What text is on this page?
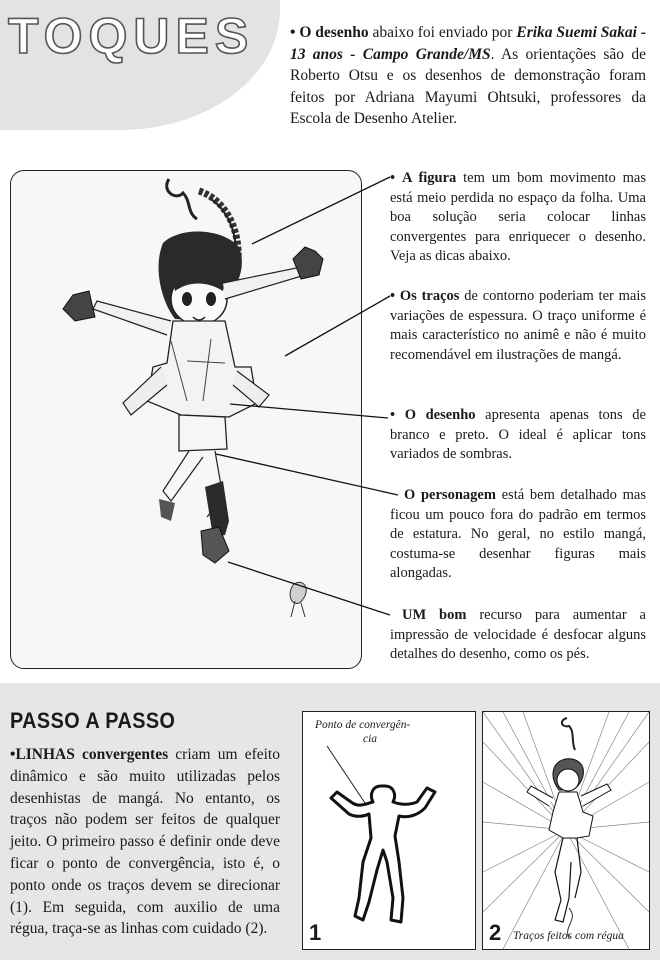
TOQUES • O desenho abaixo foi enviado por Erika Suemi Sakai - 13 anos - Campo Grande/MS. As orientações são de Roberto Otsu e os desenhos de demonstração foram feitos por Adriana Mayumi Ohtsuki, professores da Escola de Desenho Atelier.
• A figura tem um bom movimento mas está meio perdida no espaço da folha. Uma boa solução seria colocar linhas convergentes para enriquecer o desenho. Veja as dicas abaixo.
• Os traços de contorno poderiam ter mais variações de espessura. O traço uniforme é mais característico no animê e não é muito recomendável em ilustrações de mangá.
• O desenho apresenta apenas tons de branco e preto. O ideal é aplicar tons variados de sombras.
O personagem está bem detalhado mas ficou um pouco fora do padrão em termos de estatura. No geral, no estilo mangá, costuma-se desenhar figuras mais alongadas.
UM bom recurso para aumentar a impressão de velocidade é desfocar alguns detalhes do desenho, como os pés.
PASSO A PASSO
•LINHAS convergentes criam um efeito dinâmico e são muito utilizadas pelos desenhistas de mangá. No entanto, os traços não podem ser feitos de qualquer jeito. O primeiro passo é definir onde deve ficar o ponto de convergência, isto é, o ponto onde os traços devem se direcionar (1). Em seguida, com auxilio de uma régua, traça-se as linhas com cuidado (2).
Ponto de convergên-
cia
1	2 Traços feitos com régua
